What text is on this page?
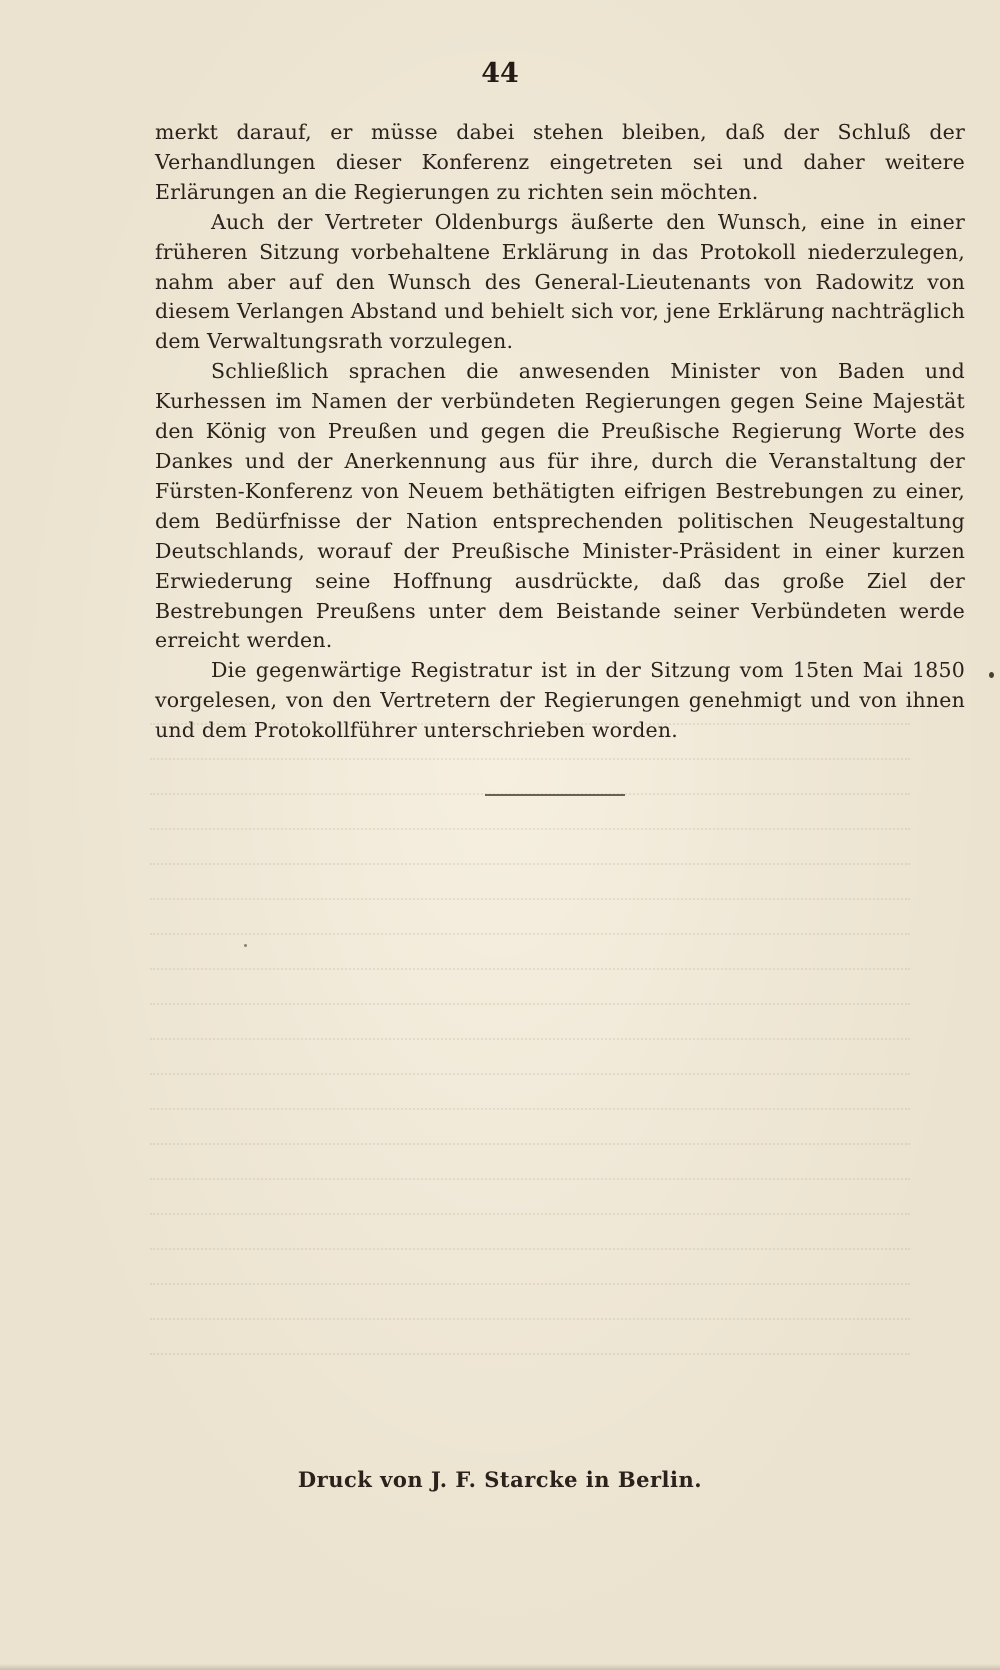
44

merkt darauf, er müsse dabei stehen bleiben, daß der Schluß der Verhandlungen dieser Konferenz eingetreten sei und daher weitere Erlärungen an die Regierungen zu richten sein möchten.

Auch der Vertreter Oldenburgs äußerte den Wunsch, eine in einer früheren Sitzung vorbehaltene Erklärung in das Protokoll niederzulegen, nahm aber auf den Wunsch des General-Lieutenants von Radowitz von diesem Verlangen Abstand und behielt sich vor, jene Erklärung nachträglich dem Verwaltungsrath vorzulegen.

Schließlich sprachen die anwesenden Minister von Baden und Kurhessen im Namen der verbündeten Regierungen gegen Seine Majestät den König von Preußen und gegen die Preußische Regierung Worte des Dankes und der Anerkennung aus für ihre, durch die Veranstaltung der Fürsten-Konferenz von Neuem bethätigten eifrigen Bestrebungen zu einer, dem Bedürfnisse der Nation entsprechenden politischen Neugestaltung Deutschlands, worauf der Preußische Minister-Präsident in einer kurzen Erwiederung seine Hoffnung ausdrückte, daß das große Ziel der Bestrebungen Preußens unter dem Beistande seiner Verbündeten werde erreicht werden.

Die gegenwärtige Registratur ist in der Sitzung vom 15ten Mai 1850 vorgelesen, von den Vertretern der Regierungen genehmigt und von ihnen und dem Protokollführer unterschrieben worden.

Druck von J. F. Starcke in Berlin.
